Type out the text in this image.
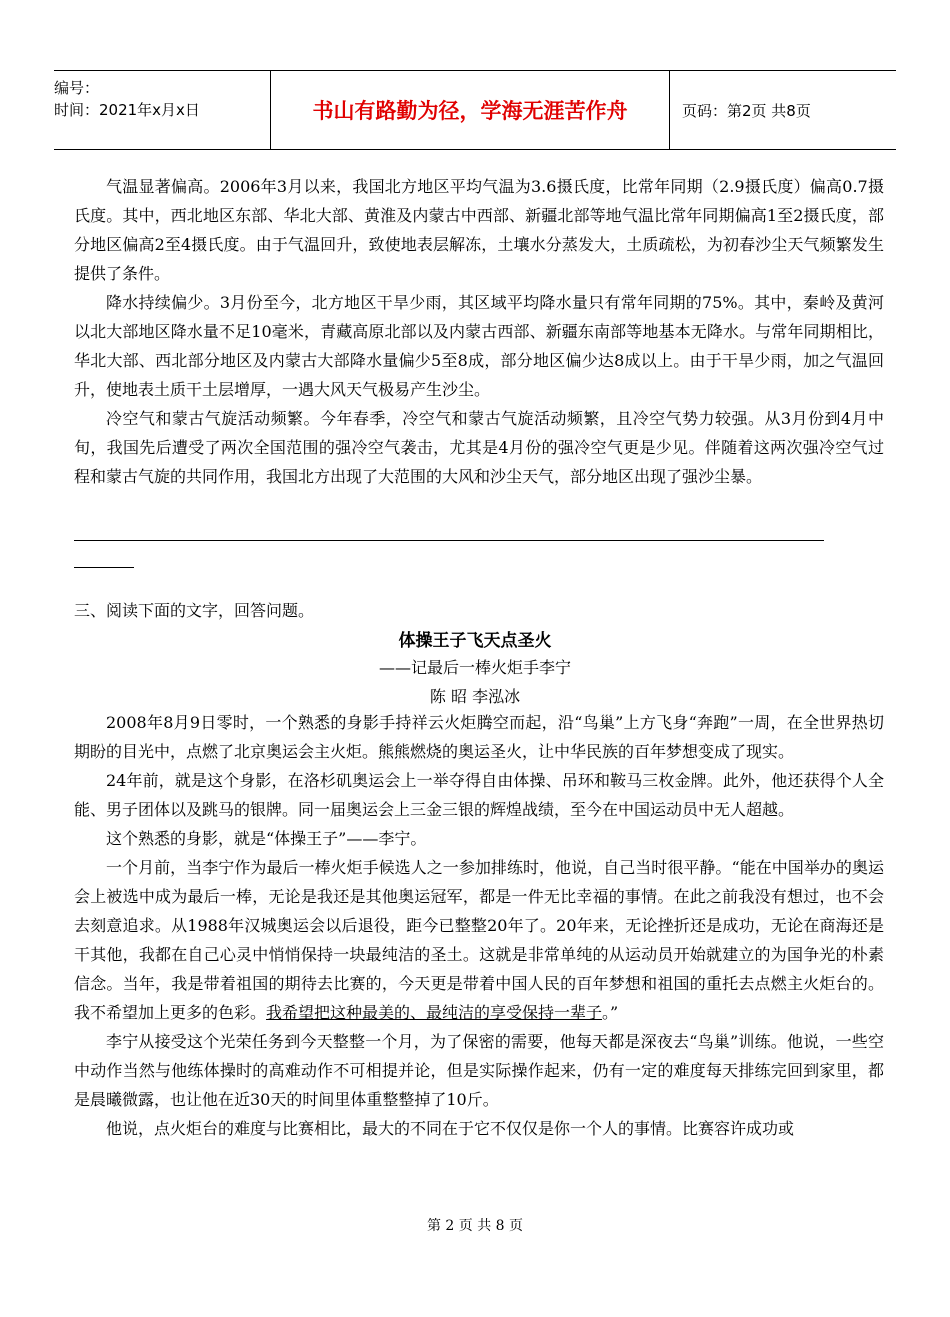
编号：
时间：2021年x月x日	书山有路勤为径，学海无涯苦作舟	页码：第2页 共8页

气温显著偏高。2006年3月以来，我国北方地区平均气温为3.6摄氏度，比常年同期（2.9摄氏度）偏高0.7摄氏度。其中，西北地区东部、华北大部、黄淮及内蒙古中西部、新疆北部等地气温比常年同期偏高1至2摄氏度，部分地区偏高2至4摄氏度。由于气温回升，致使地表层解冻，土壤水分蒸发大，土质疏松，为初春沙尘天气频繁发生提供了条件。

降水持续偏少。3月份至今，北方地区干旱少雨，其区域平均降水量只有常年同期的75%。其中，秦岭及黄河以北大部地区降水量不足10毫米，青藏高原北部以及内蒙古西部、新疆东南部等地基本无降水。与常年同期相比，华北大部、西北部分地区及内蒙古大部降水量偏少5至8成，部分地区偏少达8成以上。由于干旱少雨，加之气温回升，使地表土质干土层增厚，一遇大风天气极易产生沙尘。

冷空气和蒙古气旋活动频繁。今年春季，冷空气和蒙古气旋活动频繁，且冷空气势力较强。从3月份到4月中旬，我国先后遭受了两次全国范围的强冷空气袭击，尤其是4月份的强冷空气更是少见。伴随着这两次强冷空气过程和蒙古气旋的共同作用，我国北方出现了大范围的大风和沙尘天气，部分地区出现了强沙尘暴。

三、阅读下面的文字，回答问题。
体操王子飞天点圣火
——记最后一棒火炬手李宁
陈 昭 李泓冰

2008年8月9日零时，一个熟悉的身影手持祥云火炬腾空而起，沿“鸟巢”上方飞身“奔跑”一周，在全世界热切期盼的目光中，点燃了北京奥运会主火炬。熊熊燃烧的奥运圣火，让中华民族的百年梦想变成了现实。

24年前，就是这个身影，在洛杉矶奥运会上一举夺得自由体操、吊环和鞍马三枚金牌。此外，他还获得个人全能、男子团体以及跳马的银牌。同一届奥运会上三金三银的辉煌战绩，至今在中国运动员中无人超越。

这个熟悉的身影，就是“体操王子”——李宁。

一个月前，当李宁作为最后一棒火炬手候选人之一参加排练时，他说，自己当时很平静。“能在中国举办的奥运会上被选中成为最后一棒，无论是我还是其他奥运冠军，都是一件无比幸福的事情。在此之前我没有想过，也不会去刻意追求。从1988年汉城奥运会以后退役，距今已整整20年了。20年来，无论挫折还是成功，无论在商海还是干其他，我都在自己心灵中悄悄保持一块最纯洁的圣土。这就是非常单纯的从运动员开始就建立的为国争光的朴素信念。当年，我是带着祖国的期待去比赛的，今天更是带着中国人民的百年梦想和祖国的重托去点燃主火炬台的。我不希望加上更多的色彩。我希望把这种最美的、最纯洁的享受保持一辈子。”

李宁从接受这个光荣任务到今天整整一个月，为了保密的需要，他每天都是深夜去“鸟巢”训练。他说，一些空中动作当然与他练体操时的高难动作不可相提并论，但是实际操作起来，仍有一定的难度每天排练完回到家里，都是晨曦微露，也让他在近30天的时间里体重整整掉了10斤。

他说，点火炬台的难度与比赛相比，最大的不同在于它不仅仅是你一个人的事情。比赛容许成功或

第 2 页 共 8 页
